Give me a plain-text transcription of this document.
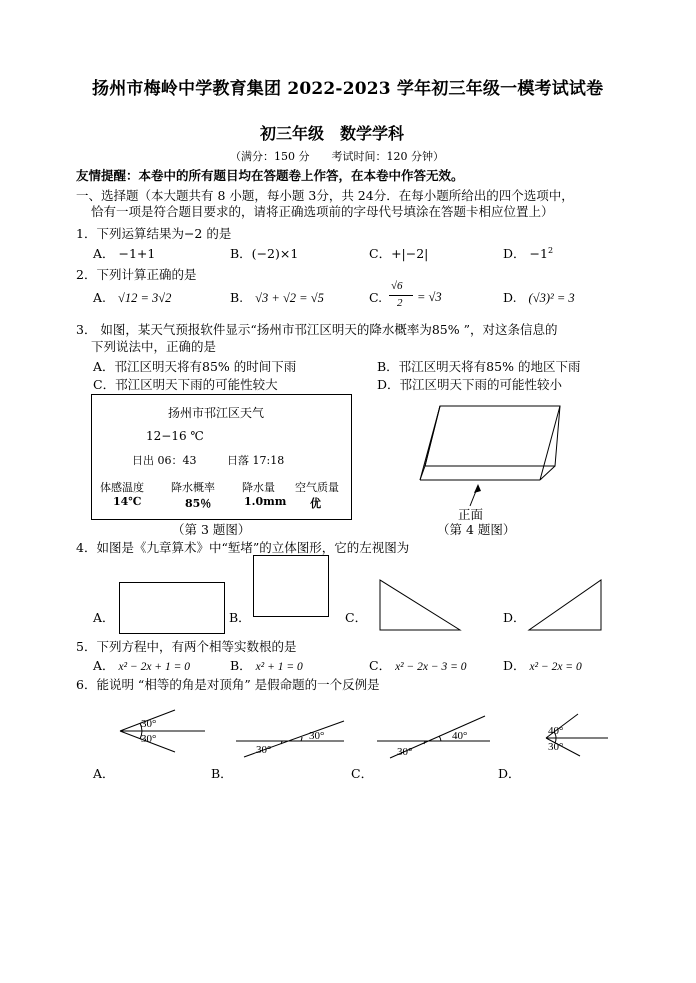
扬州市梅岭中学教育集团 2022-2023 学年初三年级一模考试试卷
初三年级　数学学科
（满分：150 分　　考试时间：120 分钟）
友情提醒：本卷中的所有题目均在答题卷上作答，在本卷中作答无效。
一、选择题（本大题共有 8 小题，每小题 3分，共 24分．在每小题所给出的四个选项中，
恰有一项是符合题目要求的，请将正确选项前的字母代号填涂在答题卡相应位置上）
1．下列运算结果为−2 的是
A． −1+1	B．(−2)×1	C．+|−2|	D． $-1^2$
2．下列计算正确的是
A. √12 = 3√2	B. √3 + √2 = √5	C.
√6
2 = √3	D. (√3)² = 3
3． 如图，某天气预报软件显示“扬州市邗江区明天的降水概率为85% ”，对这条信息的
下列说法中，正确的是
A．邗江区明天将有85% 的时间下雨	B．邗江区明天将有85% 的地区下雨
C．邗江区明天下雨的可能性较大	D．邗江区明天下雨的可能性较小
扬州市邗江区天气
12−16 ℃
日出 06：43	日落 17:18
体感温度 降水概率 降水量 空气质量
14℃	85％	1.0mm 优
（第 3 题图）
正面
（第 4 题图）
4．如图是《九章算术》中“堑堵”的立体图形，它的左视图为
A．	B．	C．	D．
5．下列方程中，有两个相等实数根的是
A． x² − 2x + 1 = 0	B． x² + 1 = 0	C． x² − 2x − 3 = 0	D． x² − 2x = 0
6．能说明 “相等的角是对顶角” 是假命题的一个反例是
30°
30°
A．
30°
30°
B．
30°
40°
C．
40°
30°
D．
